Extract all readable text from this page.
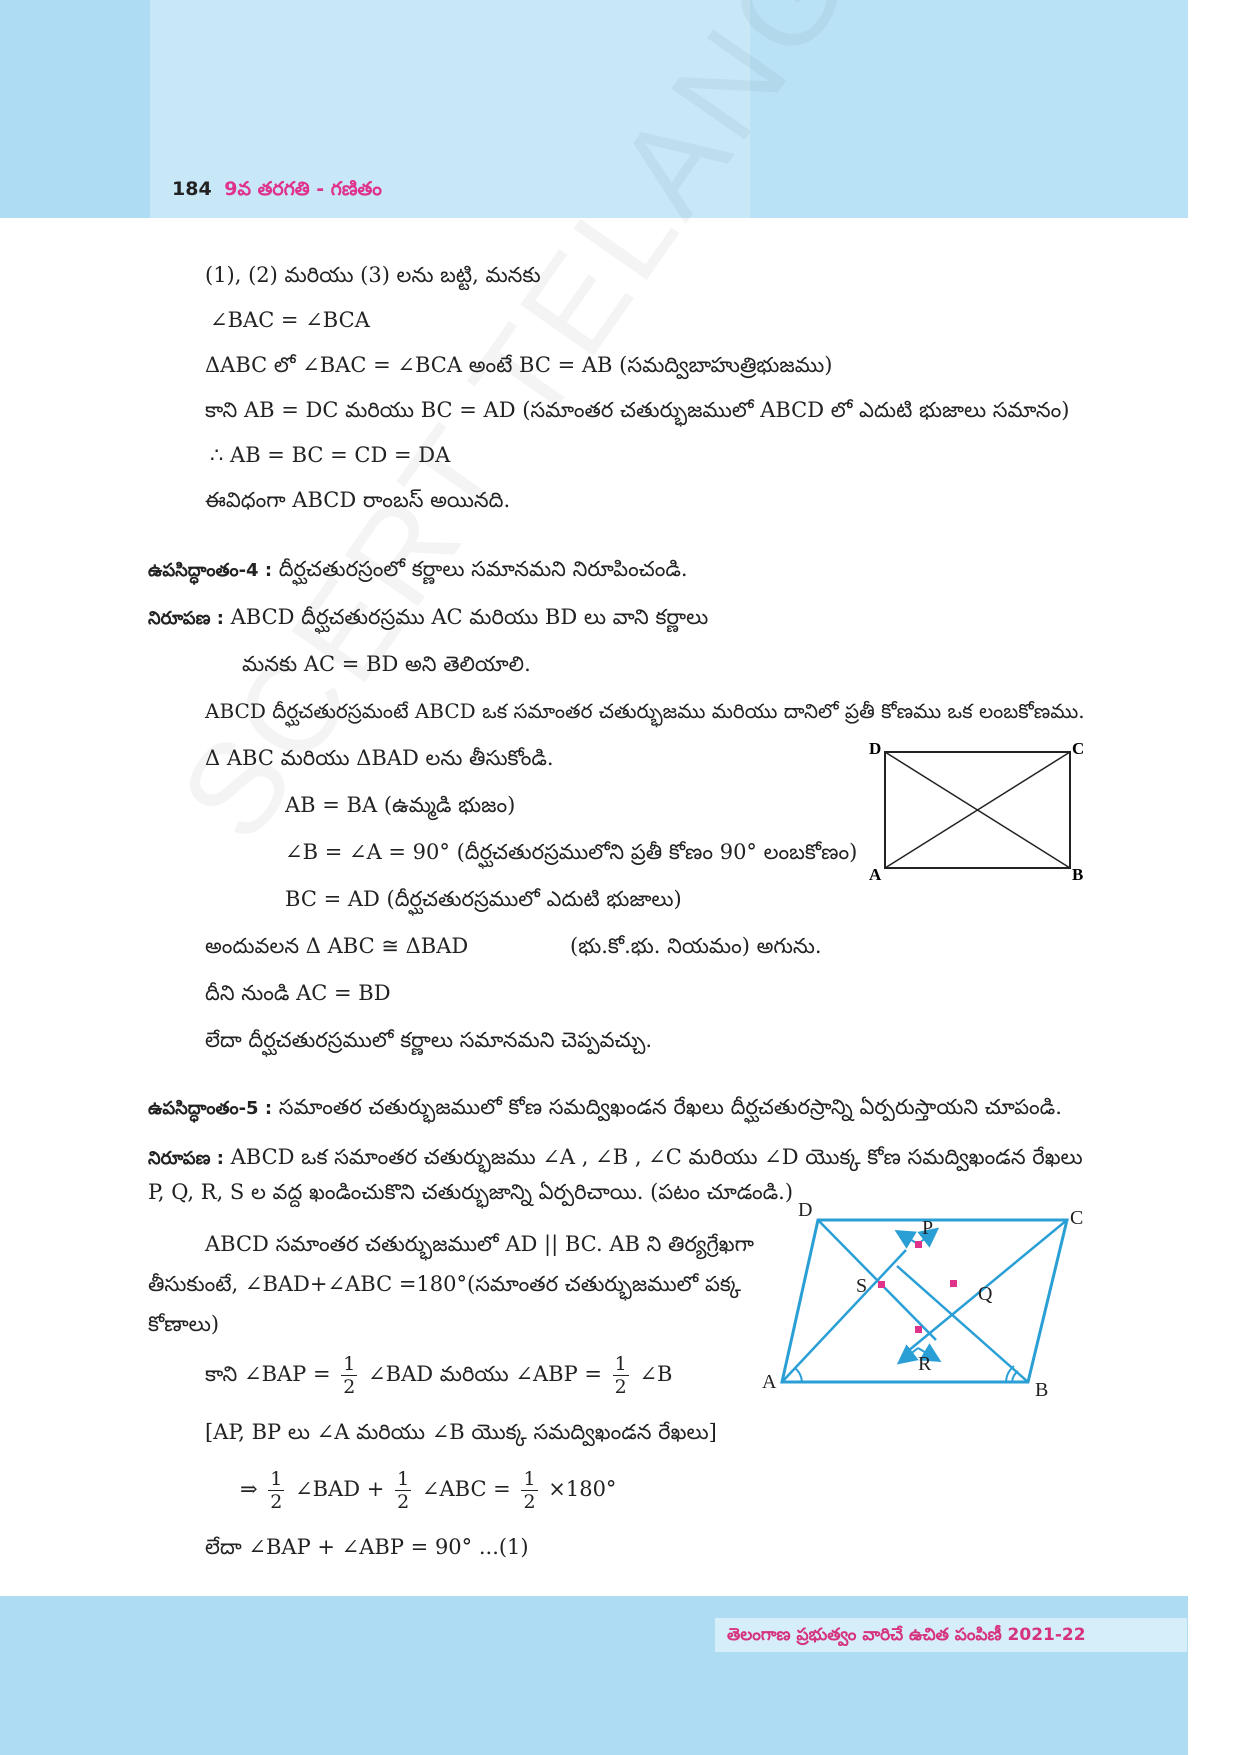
184 9వ తరగతి - గణితం
(1), (2) మరియు (3) లను బట్టి, మనకు
∠BAC = ∠BCA
ΔABC లో ∠BAC = ∠BCA అంటే BC = AB (సమద్విబాహుత్రిభుజము)
కాని AB = DC మరియు BC = AD (సమాంతర చతుర్భుజములో ABCD లో ఎదుటి భుజాలు సమానం)
∴ AB = BC = CD = DA
ఈవిధంగా ABCD రాంబస్ అయినది.
ఉపసిద్ధాంతం-4 : దీర్ఘచతురస్రంలో కర్ణాలు సమానమని నిరూపించండి.
నిరూపణ : ABCD దీర్ఘచతురస్రము AC మరియు BD లు వాని కర్ణాలు
మనకు AC = BD అని తెలియాలి.
ABCD దీర్ఘచతురస్రమంటే ABCD ఒక సమాంతర చతుర్భుజము మరియు దానిలో ప్రతీ కోణము ఒక లంబకోణము.
Δ ABC మరియు ΔBAD లను తీసుకోండి.
AB = BA (ఉమ్మడి భుజం)
∠B = ∠A = 90° (దీర్ఘచతురస్రములోని ప్రతీ కోణం 90° లంబకోణం)
BC = AD (దీర్ఘచతురస్రములో ఎదుటి భుజాలు)
అందువలన Δ ABC ≅ ΔBAD	(భు.కో.భు. నియమం) అగును.
దీని నుండి AC = BD
లేదా దీర్ఘచతురస్రములో కర్ణాలు సమానమని చెప్పవచ్చు.
D	C
A	B
ఉపసిద్ధాంతం-5 : సమాంతర చతుర్భుజములో కోణ సమద్విఖండన రేఖలు దీర్ఘచతురస్రాన్ని ఏర్పరుస్తాయని చూపండి.
నిరూపణ : ABCD ఒక సమాంతర చతుర్భుజము ∠A , ∠B , ∠C మరియు ∠D యొక్క కోణ సమద్విఖండన రేఖలు
P, Q, R, S ల వద్ద ఖండించుకొని చతుర్భుజాన్ని ఏర్పరిచాయి. (పటం చూడండి.)
ABCD సమాంతర చతుర్భుజములో AD || BC. AB ని తిర్యగ్రేఖగా
తీసుకుంటే, ∠BAD+∠ABC =180°(సమాంతర చతుర్భుజములో పక్క
కోణాలు)
కాని ∠BAP = $\frac{1}{2}$ ∠BAD మరియు ∠ABP = $\frac{1}{2}$ ∠B
[AP, BP లు ∠A మరియు ∠B యొక్క సమద్విఖండన రేఖలు]
⇒ $\frac{1}{2}$ ∠BAD + $\frac{1}{2}$ ∠ABC = $\frac{1}{2} \times 180^\circ$
లేదా ∠BAP + ∠ABP = 90° ...(1)
D	C
A	B
P
Q
R
S
తెలంగాణ ప్రభుత్వం వారిచే ఉచిత పంపిణీ 2021-22
